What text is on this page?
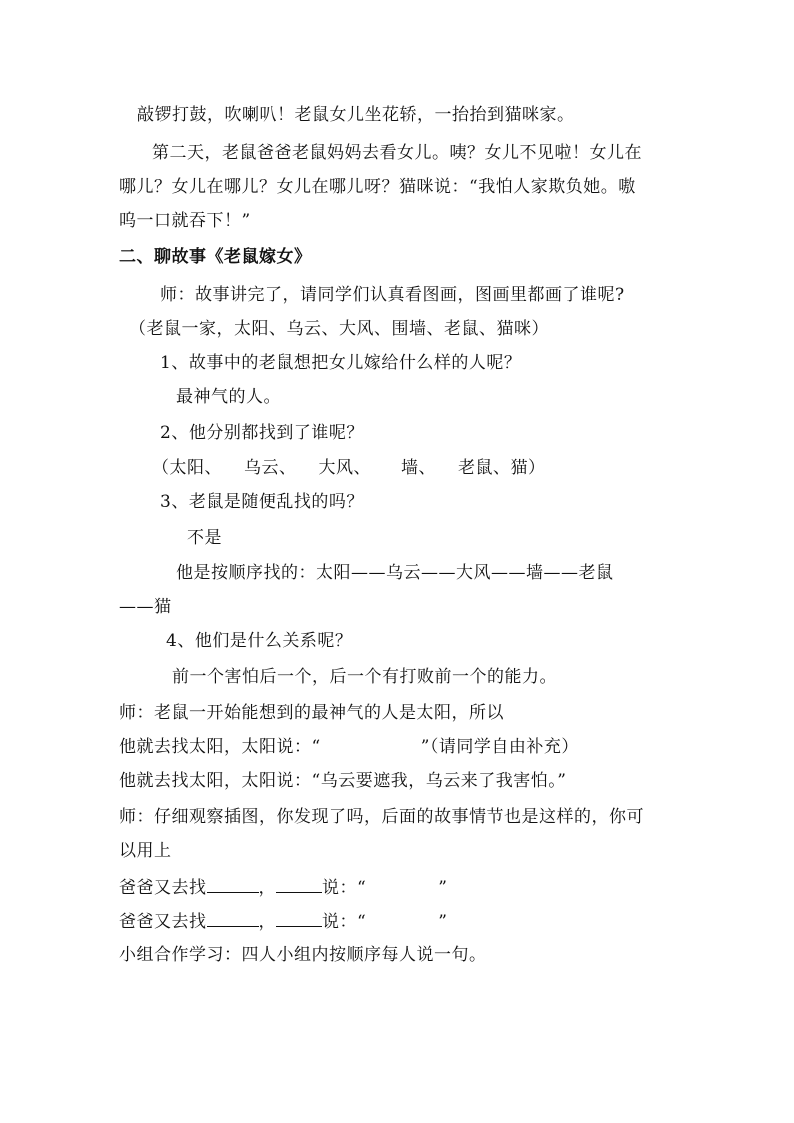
敲锣打鼓，吹喇叭！老鼠女儿坐花轿，一抬抬到猫咪家。
第二天，老鼠爸爸老鼠妈妈去看女儿。咦？女儿不见啦！女儿在
哪儿？女儿在哪儿？女儿在哪儿呀？猫咪说：“我怕人家欺负她。嗷
呜一口就吞下！”
二、聊故事《老鼠嫁女》
师：故事讲完了，请同学们认真看图画，图画里都画了谁呢?
（老鼠一家，太阳、乌云、大风、围墙、老鼠、猫咪）
1、故事中的老鼠想把女儿嫁给什么样的人呢？
最神气的人。
2、他分别都找到了谁呢？
（太阳、 乌云、 大风、 墙、 老鼠、猫）
3、老鼠是随便乱找的吗？
不是
他是按顺序找的：太阳——乌云——大风——墙——老鼠
——猫
4、他们是什么关系呢？
前一个害怕后一个，后一个有打败前一个的能力。
师：老鼠一开始能想到的最神气的人是太阳，所以
他就去找太阳，太阳说：“	”（请同学自由补充）
他就去找太阳，太阳说：“乌云要遮我，乌云来了我害怕。”
师：仔细观察插图，你发现了吗，后面的故事情节也是这样的，你可
以用上
爸爸又去找	，	说：“	”
爸爸又去找	，	说：“	”
小组合作学习：四人小组内按顺序每人说一句。
